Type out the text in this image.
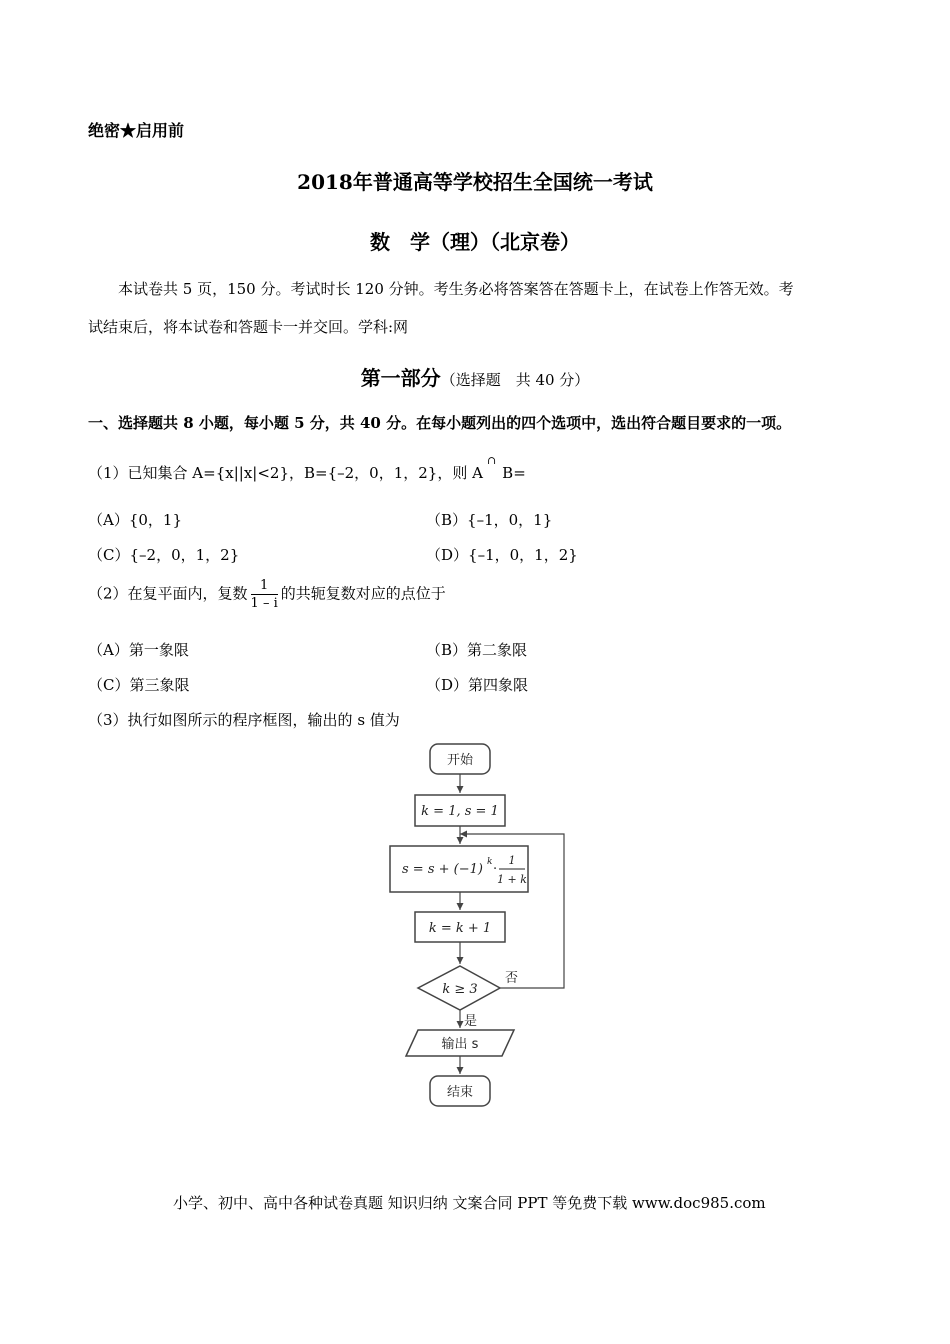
绝密★启用前
2018年普通高等学校招生全国统一考试
数　学（理）（北京卷）
本试卷共 5 页，150 分。考试时长 120 分钟。考生务必将答案答在答题卡上，在试卷上作答无效。考
试结束后，将本试卷和答题卡一并交回。学科:网
第一部分（选择题　共 40 分）
一、选择题共 8 小题，每小题 5 分，共 40 分。在每小题列出的四个选项中，选出符合题目要求的一项。
（1）已知集合 A={x||x|<2}，B={–2，0，1，2}，则 A∩B=
（A）{0，1}	（B）{–1，0，1}
（C）{–2，0，1，2}	（D）{–1，0，1，2}
（2）在复平面内，复数 $\frac{1}{1 - i}$ 的共轭复数对应的点位于
（A）第一象限	（B）第二象限
（C）第三象限	（D）第四象限
（3）执行如图所示的程序框图，输出的 s 值为
开始
k = 1, s = 1
s = s + (−1) k ·
1
1 + k
k = k + 1
k ≥ 3
否
是
输出 s
结束
小学、初中、高中各种试卷真题 知识归纳 文案合同 PPT 等免费下载 www.doc985.com
